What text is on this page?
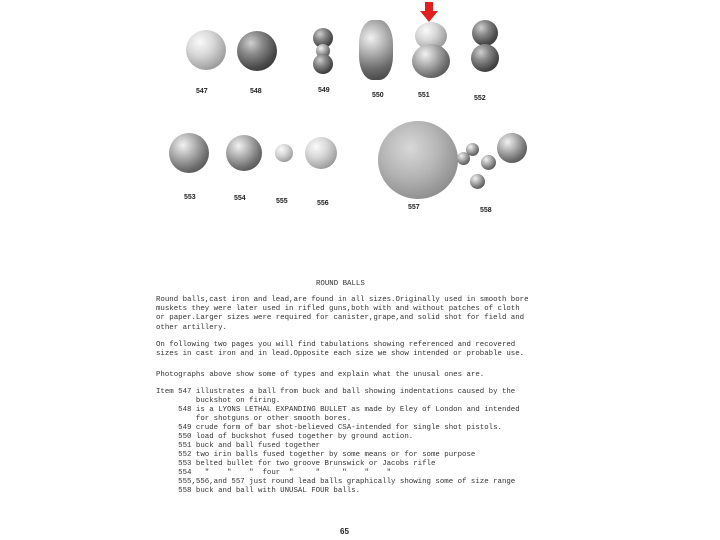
547	548	549
550	551	552
553	554	555	556
557	558
ROUND BALLS
Round balls,cast iron and lead,are found in all sizes.Originally used in smooth bore
muskets they were later used in rifled guns,both with and without patches of cloth
or paper.Larger sizes were required for canister,grape,and solid shot for field and
other artillery.
On following two pages you will find tabulations showing referenced and recovered
sizes in cast iron and in lead.Opposite each size we show intended or probable use.
Photographs above show some of types and explain what the unusal ones are.
Item 547 illustrates a ball from buck and ball showing indentations caused by the
buckshot on firing.
548 is a LYONS LETHAL EXPANDING BULLET as made by Eley of London and intended
for shotguns or other smooth bores.
549 crude form of bar shot-believed CSA-intended for single shot pistols.
550 load of buckshot fused together by ground action.
551 buck and ball fused together
552 two irin balls fused together by some means or for some purpose
553 belted bullet for two groove Brunswick or Jacobs rifle
554   "    "    "  four  "     "     "    "    "
555,556,and 557 just round lead balls graphically showing some of size range
558 buck and ball with UNUSAL FOUR balls.
65
